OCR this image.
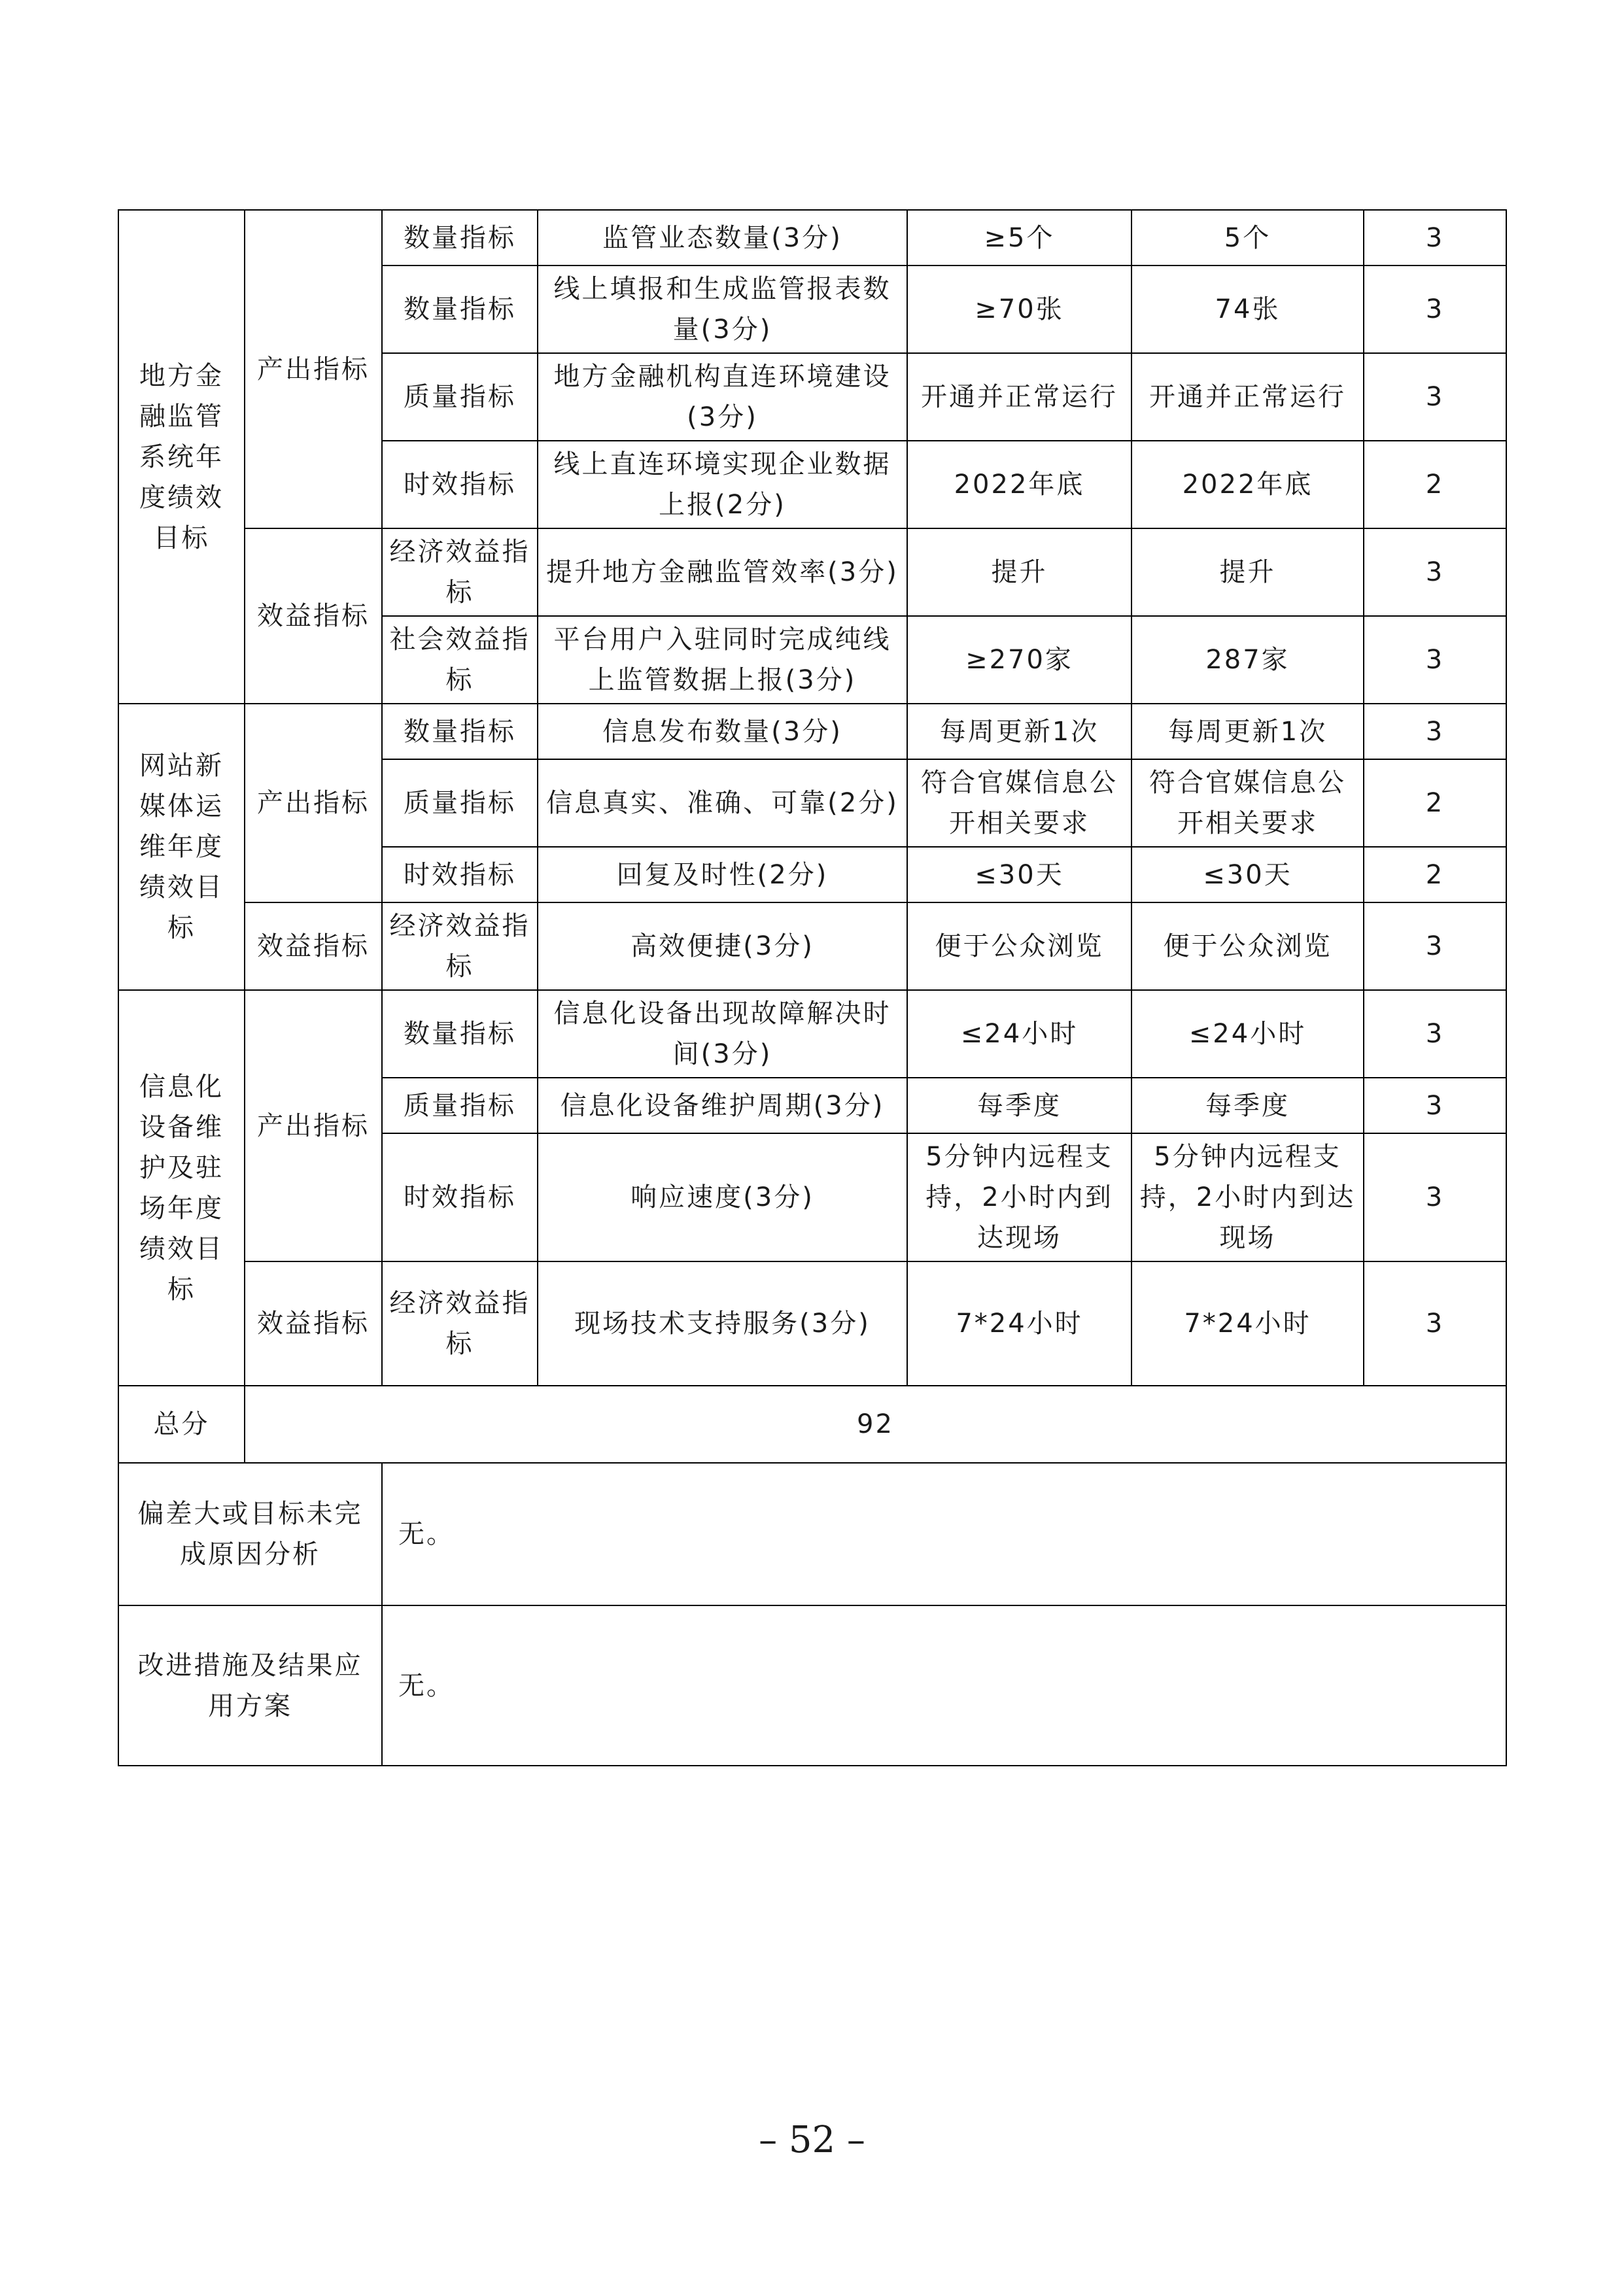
地方金融监管系统年度绩效目标	产出指标	数量指标	监管业态数量(3分)	≥5个	5个	3
		数量指标	线上填报和生成监管报表数量(3分)	≥70张	74张	3
		质量指标	地方金融机构直连环境建设(3分)	开通并正常运行	开通并正常运行	3
		时效指标	线上直连环境实现企业数据上报(2分)	2022年底	2022年底	2
	效益指标	经济效益指标	提升地方金融监管效率(3分)	提升	提升	3
		社会效益指标	平台用户入驻同时完成纯线上监管数据上报(3分)	≥270家	287家	3
网站新媒体运维年度绩效目标	产出指标	数量指标	信息发布数量(3分)	每周更新1次	每周更新1次	3
		质量指标	信息真实、准确、可靠(2分)	符合官媒信息公开相关要求	符合官媒信息公开相关要求	2
		时效指标	回复及时性(2分)	≤30天	≤30天	2
	效益指标	经济效益指标	高效便捷(3分)	便于公众浏览	便于公众浏览	3
信息化设备维护及驻场年度绩效目标	产出指标	数量指标	信息化设备出现故障解决时间(3分)	≤24小时	≤24小时	3
		质量指标	信息化设备维护周期(3分)	每季度	每季度	3
		时效指标	响应速度(3分)	5分钟内远程支持，2小时内到达现场	5分钟内远程支持，2小时内到达现场	3
	效益指标	经济效益指标	现场技术支持服务(3分)	7*24小时	7*24小时	3
总分	92					
偏差大或目标未完成原因分析		无。				
改进措施及结果应用方案		无。				
– 52 –
